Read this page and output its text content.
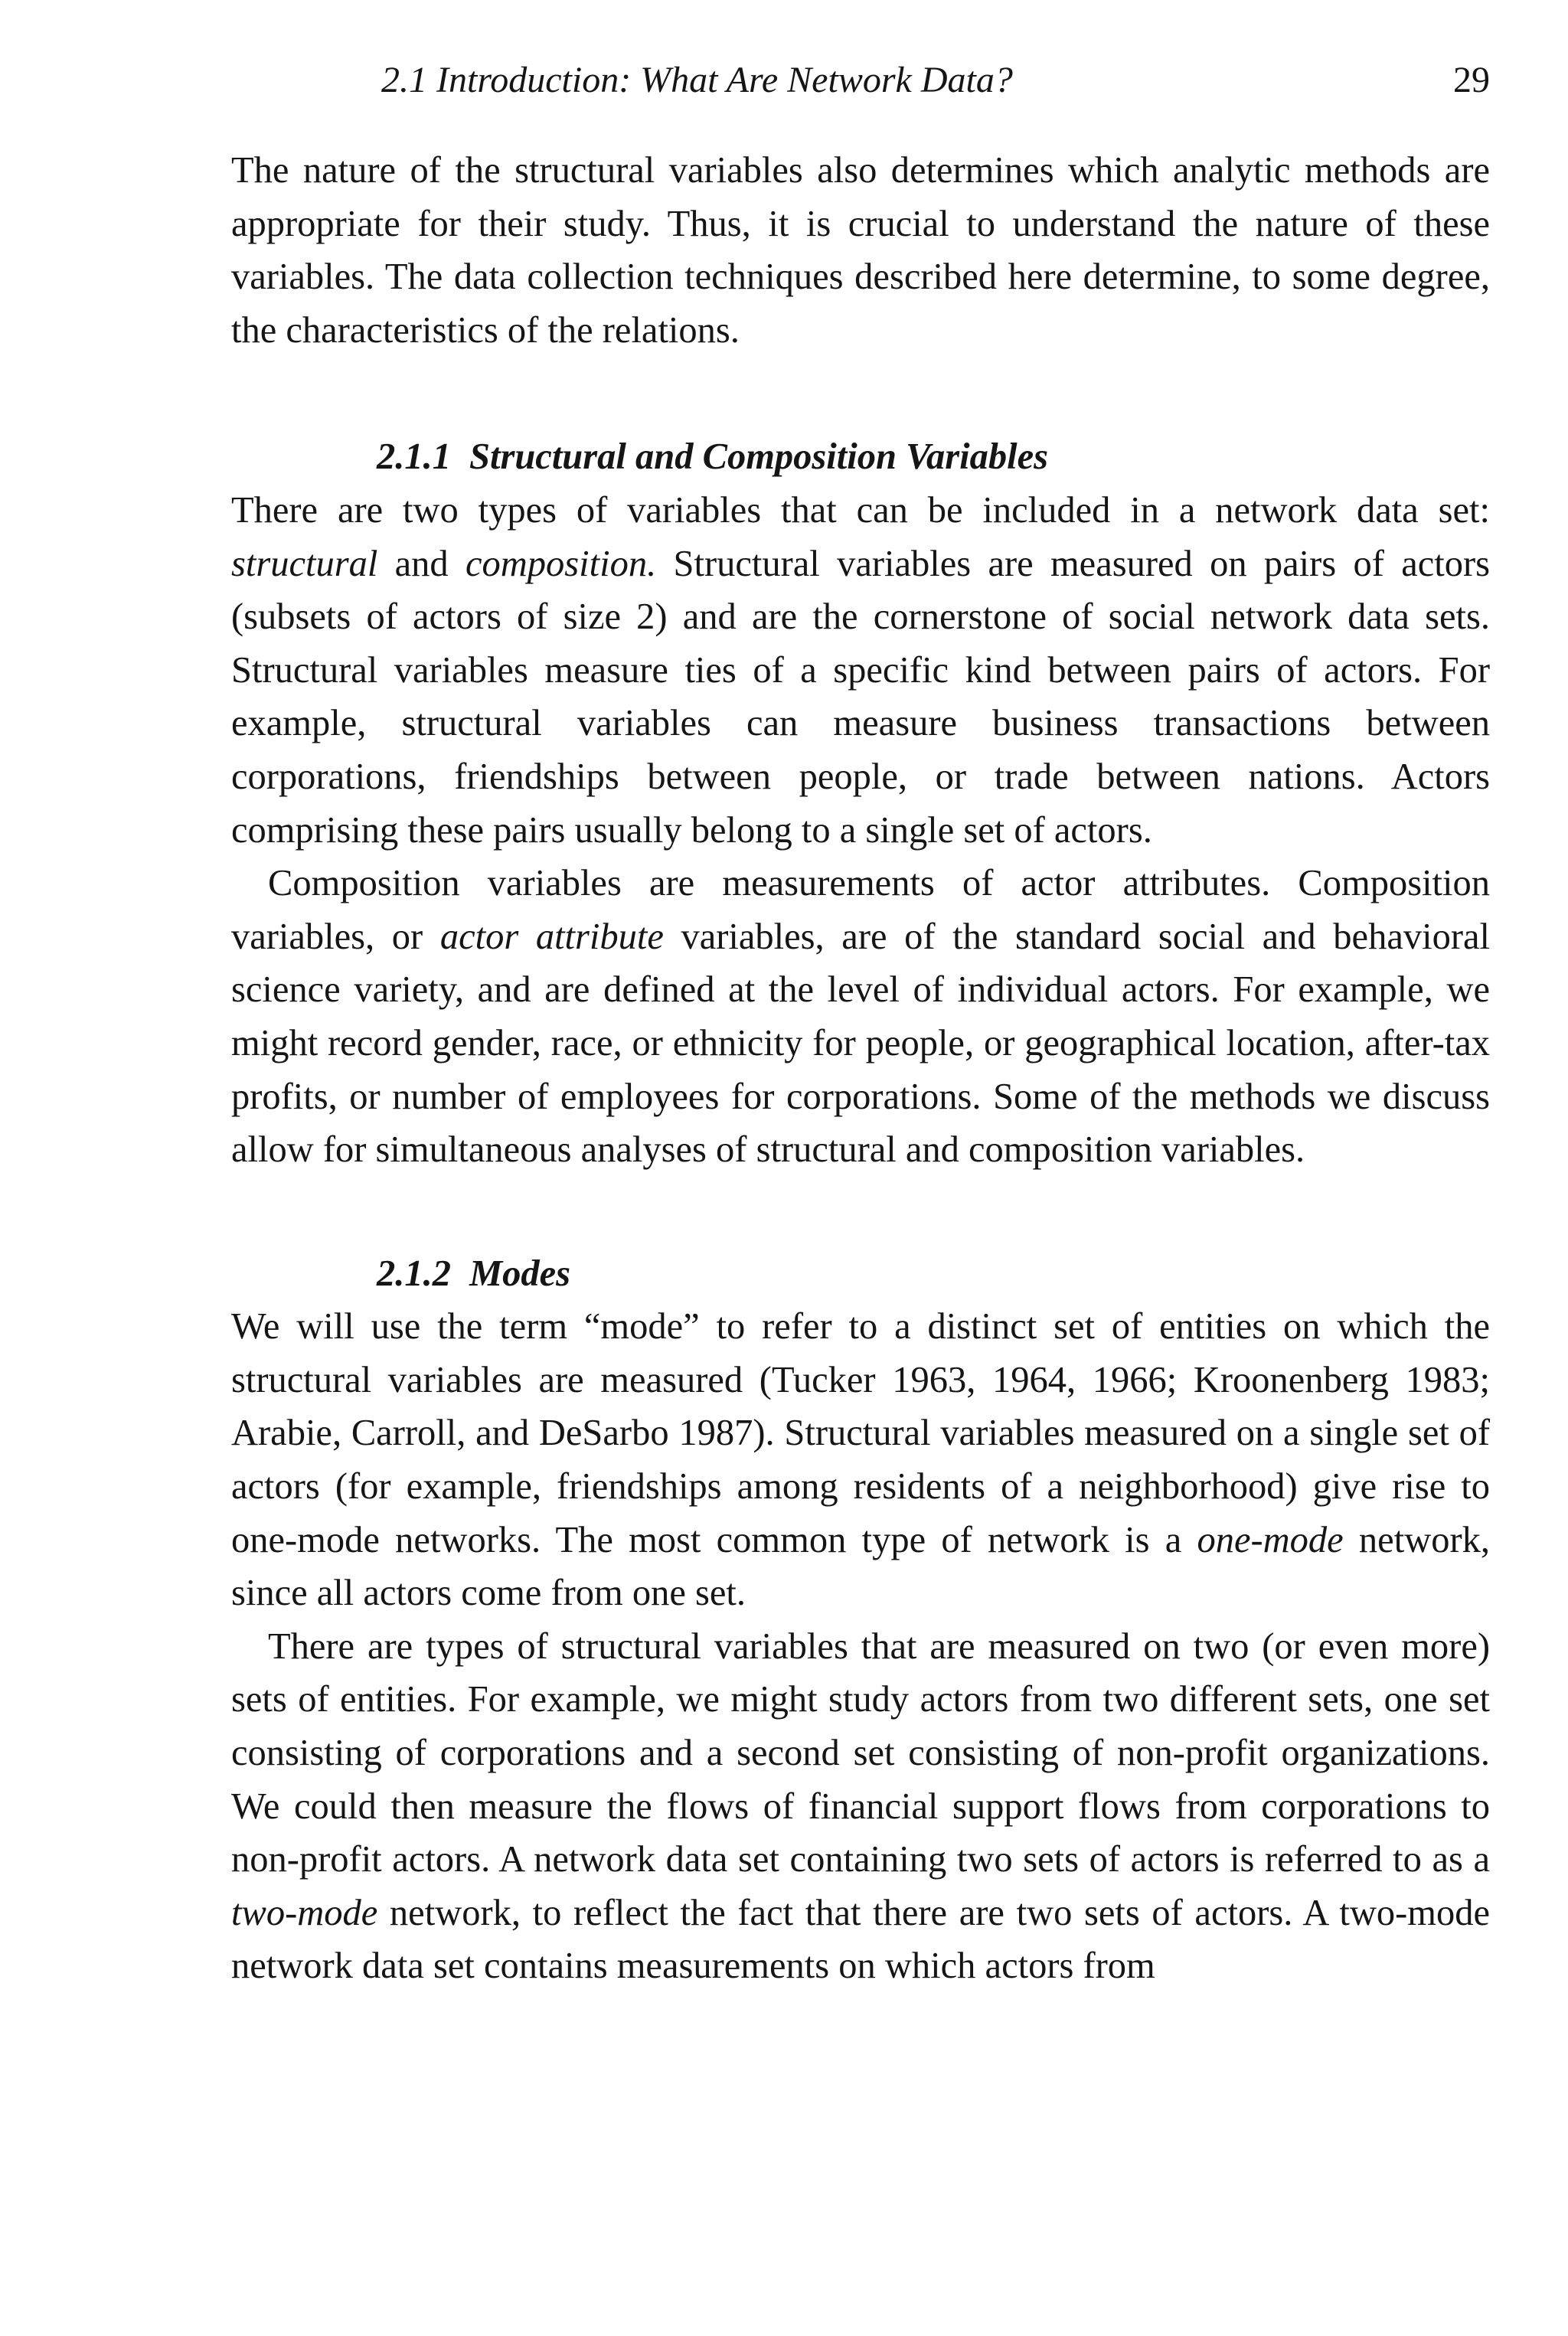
2.1 Introduction: What Are Network Data?	29

The nature of the structural variables also determines which analytic methods are appropriate for their study. Thus, it is crucial to understand the nature of these variables. The data collection techniques described here determine, to some degree, the characteristics of the relations.

2.1.1 Structural and Composition Variables

There are two types of variables that can be included in a network data set: structural and composition. Structural variables are measured on pairs of actors (subsets of actors of size 2) and are the cornerstone of social network data sets. Structural variables measure ties of a specific kind between pairs of actors. For example, structural variables can measure business transactions between corporations, friendships between people, or trade between nations. Actors comprising these pairs usually belong to a single set of actors.

Composition variables are measurements of actor attributes. Composition variables, or actor attribute variables, are of the standard social and behavioral science variety, and are defined at the level of individual actors. For example, we might record gender, race, or ethnicity for people, or geographical location, after-tax profits, or number of employees for corporations. Some of the methods we discuss allow for simultaneous analyses of structural and composition variables.

2.1.2 Modes

We will use the term “mode” to refer to a distinct set of entities on which the structural variables are measured (Tucker 1963, 1964, 1966; Kroonenberg 1983; Arabie, Carroll, and DeSarbo 1987). Structural variables measured on a single set of actors (for example, friendships among residents of a neighborhood) give rise to one-mode networks. The most common type of network is a one-mode network, since all actors come from one set.

There are types of structural variables that are measured on two (or even more) sets of entities. For example, we might study actors from two different sets, one set consisting of corporations and a second set consisting of non-profit organizations. We could then measure the flows of financial support flows from corporations to non-profit actors. A network data set containing two sets of actors is referred to as a two-mode network, to reflect the fact that there are two sets of actors. A two-mode network data set contains measurements on which actors from
